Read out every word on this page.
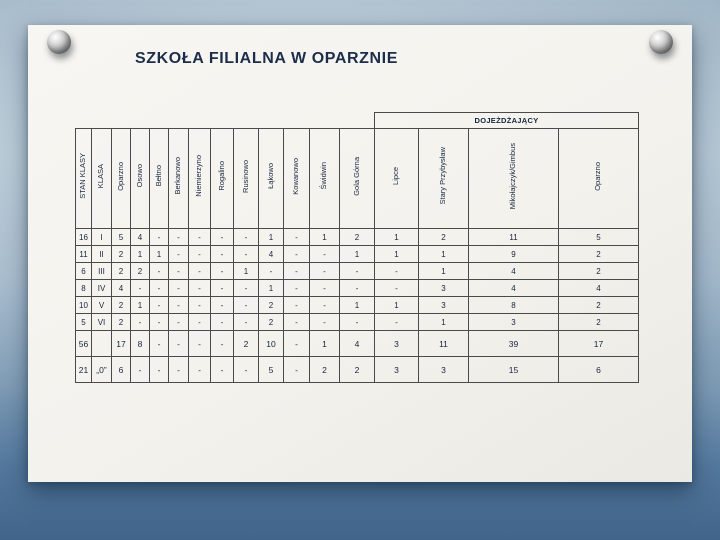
SZKOŁA FILIALNA W OPARZNIE
													DOJEŻDŻAJĄCY			
STAN KLASY	KLASA	Oparzno	Osowo	Bełtno	Berkanowo	Niemierzyno	Rogalino	Rusinowo	Łąkowo	Kowanowo	Świdwin	Gola Górna	Lipce	Stary Przybysław	Mikołajczyk/Gimbus	Oparzno
16	I	5	4	-	-	-	-	-	1	-	1	2	1	2	11	5
11	II	2	1	1	-	-	-	-	4	-	-	1	1	1	9	2
6	III	2	2	-	-	-	-	1	-	-	-	-	-	1	4	2
8	IV	4	-	-	-	-	-	-	1	-	-	-	-	3	4	4
10	V	2	1	-	-	-	-	-	2	-	-	1	1	3	8	2
5	VI	2	-	-	-	-	-	-	2	-	-	-	-	1	3	2
56		17	8	-	-	-	-	2	10	-	1	4	3	11	39	17
21	„0”	6	-	-	-	-	-	-	5	-	2	2	3	3	15	6
